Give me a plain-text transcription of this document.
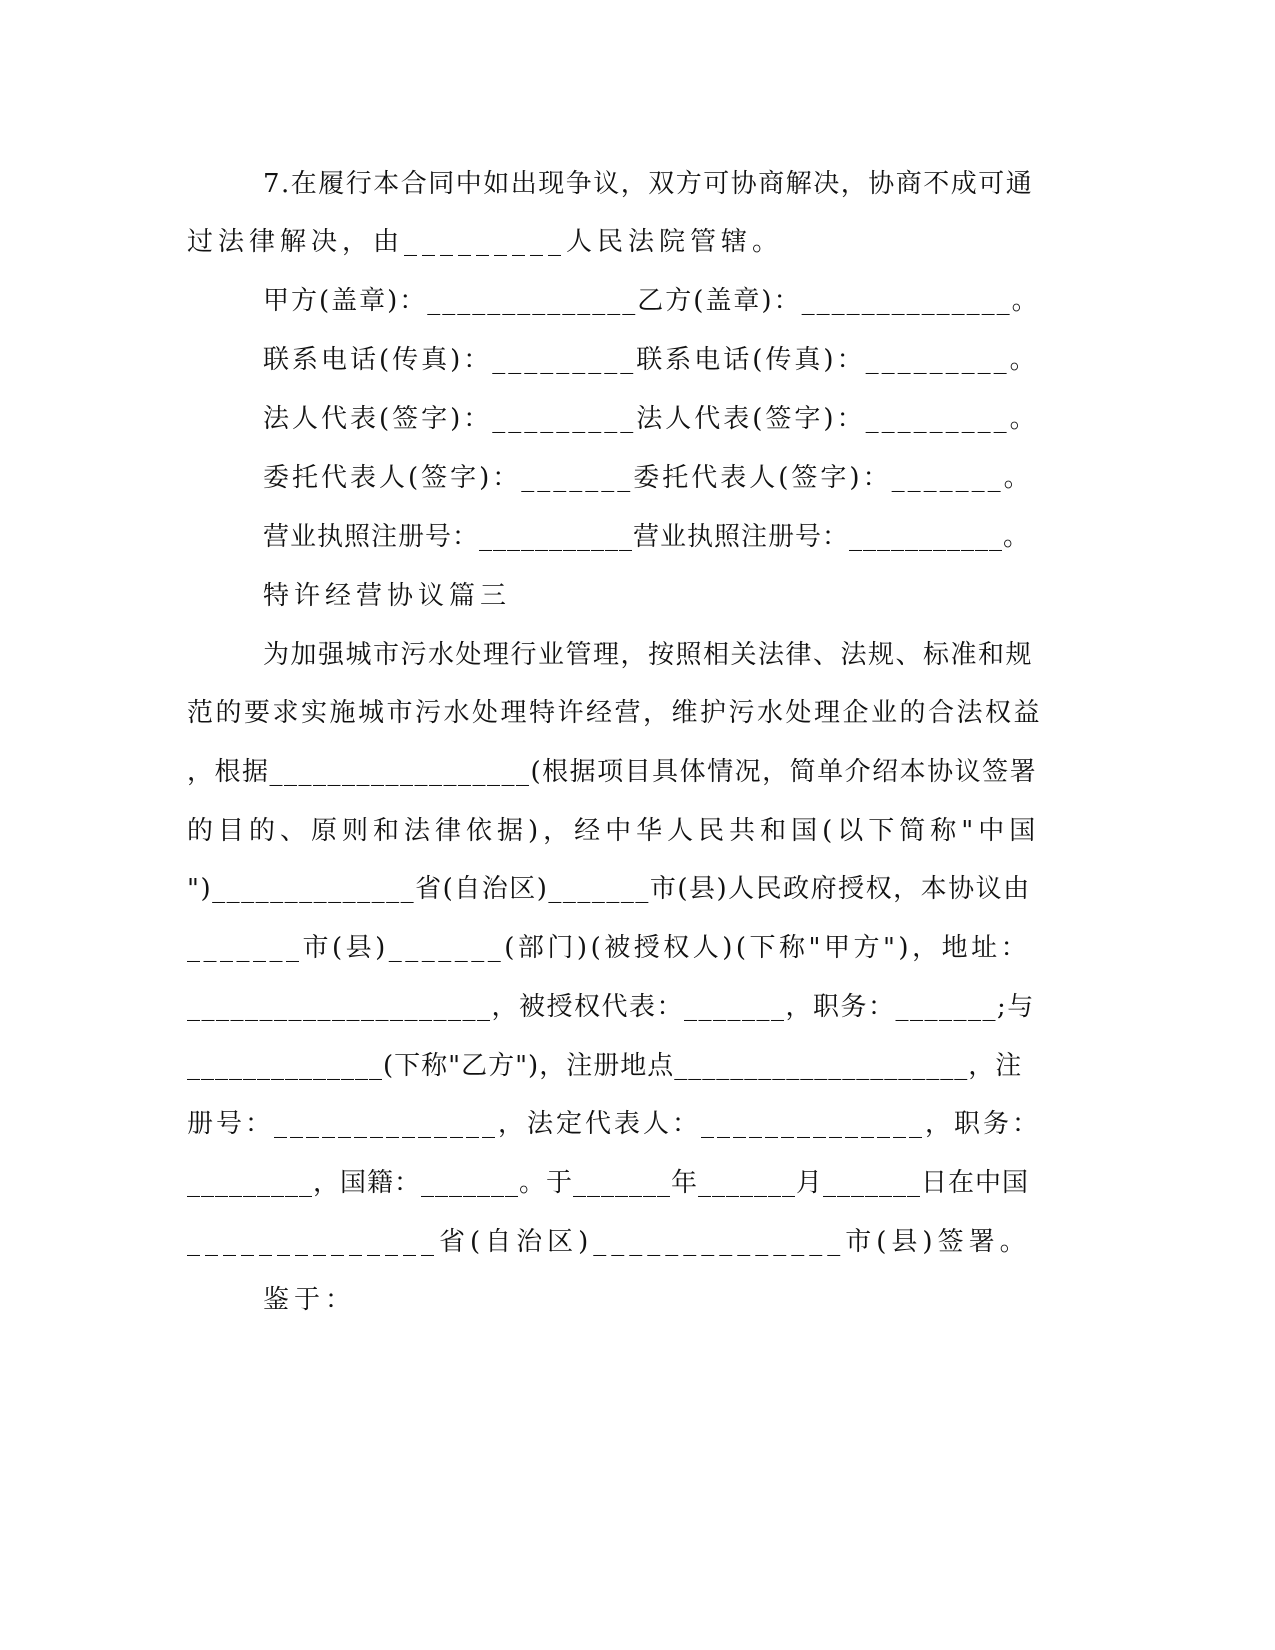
7.在履行本合同中如出现争议，双方可协商解决，协商不成可通
过法律解决，由_________人民法院管辖。
甲方(盖章)：______________乙方(盖章)：______________。
联系电话(传真)：_________联系电话(传真)：_________。
法人代表(签字)：_________法人代表(签字)：_________。
委托代表人(签字)：_______委托代表人(签字)：_______。
营业执照注册号：___________营业执照注册号：___________。
特许经营协议篇三
为加强城市污水处理行业管理，按照相关法律、法规、标准和规
范的要求实施城市污水处理特许经营，维护污水处理企业的合法权益
，根据__________________(根据项目具体情况，简单介绍本协议签署
的目的、原则和法律依据)，经中华人民共和国(以下简称"中国
")______________省(自治区)_______市(县)人民政府授权，本协议由
_______市(县)_______(部门)(被授权人)(下称"甲方")，地址：
_____________________，被授权代表：_______，职务：_______;与
______________(下称"乙方")，注册地点_____________________，注
册号：______________，法定代表人：______________，职务：
_________，国籍：_______。于_______年_______月_______日在中国
______________省(自治区)______________市(县)签署。
鉴于：
